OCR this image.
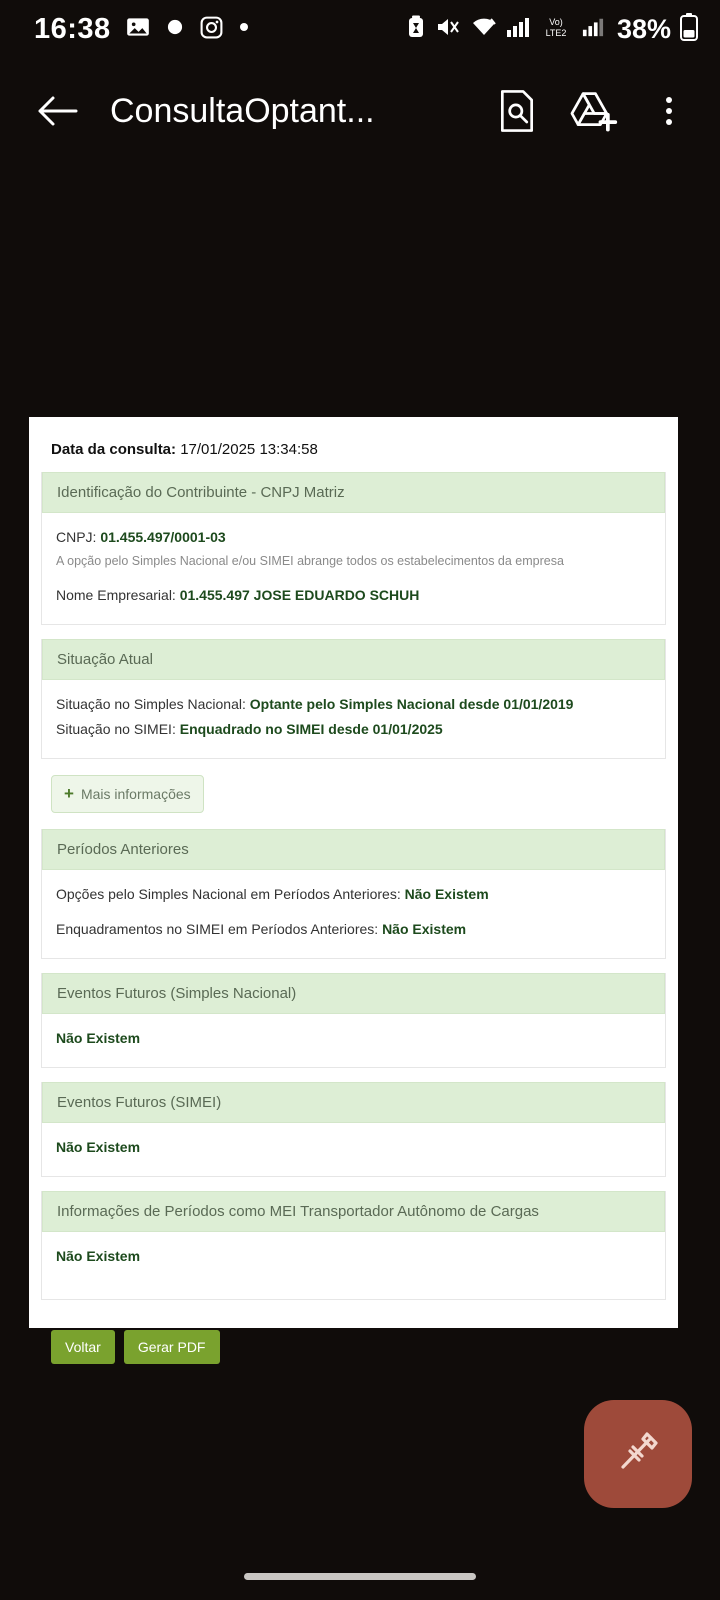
16:38	Vo)
LTE2 38%
ConsultaOptant...
Data da consulta: 17/01/2025 13:34:58
Identificação do Contribuinte - CNPJ Matriz

CNPJ: 01.455.497/0001-03

A opção pelo Simples Nacional e/ou SIMEI abrange todos os estabelecimentos da empresa

Nome Empresarial: 01.455.497 JOSE EDUARDO SCHUH

Situação Atual

Situação no Simples Nacional: Optante pelo Simples Nacional desde 01/01/2019

Situação no SIMEI: Enquadrado no SIMEI desde 01/01/2025

+ Mais informações
Períodos Anteriores

Opções pelo Simples Nacional em Períodos Anteriores: Não Existem

Enquadramentos no SIMEI em Períodos Anteriores: Não Existem

Eventos Futuros (Simples Nacional)

Não Existem

Eventos Futuros (SIMEI)

Não Existem

Informações de Períodos como MEI Transportador Autônomo de Cargas

Não Existem

Voltar	Gerar PDF
